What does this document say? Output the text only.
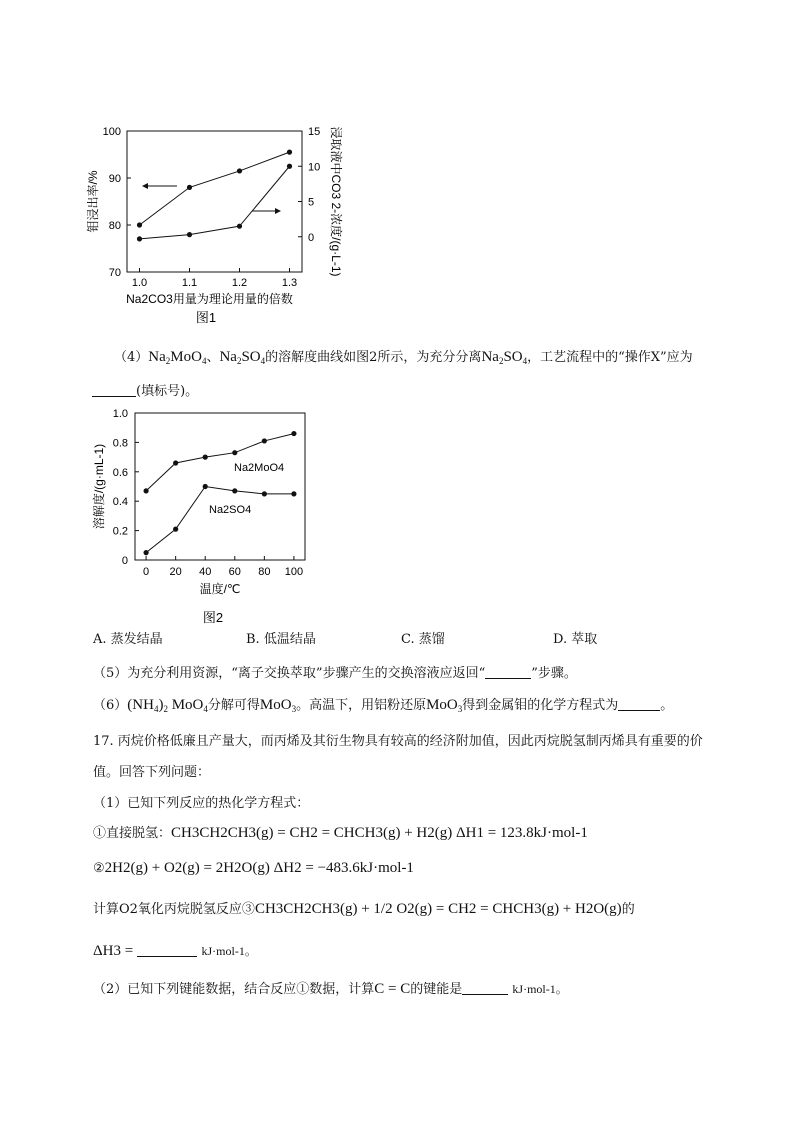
1.0	1.1	1.2	1.3
70
80
90
100
0
5
10
15
Na2CO3用量为理论用量的倍数
钼浸出率/%	浸取液中CO3 2-浓度/(g·L-1)
图1
$(4)Na_2MoO_4$、$Na_2SO_4$的溶解度曲线如图2所示，为充分分离$Na_2SO_4$，工艺流程中的“操作X”应为
(填标号)。
0 20 40 60 80 100
0
0.2
0.4
0.6
0.8
1.0
Na2MoO4
Na2SO4
温度/℃
溶解度/(g·mL-1)
图2
A. 蒸发结晶	B. 低温结晶	C. 蒸馏	D. 萃取
（5）为充分利用资源，“离子交换萃取”步骤产生的交换溶液应返回“	”步骤。
$(6)(NH_4)_2$ MoO$_4$分解可得MoO$_3$。高温下，用铝粉还原MoO$_3$得到金属钼的化学方程式为	。
17. 丙烷价格低廉且产量大，而丙烯及其衍生物具有较高的经济附加值，因此丙烷脱氢制丙烯具有重要的价
值。回答下列问题：
（1）已知下列反应的热化学方程式：
①直接脱氢：CH3CH2CH3(g) = CH2 = CHCH3(g) + H2(g) ΔH1 = 123.8kJ·mol-1
②2H2(g) + O2(g) = 2H2O(g) ΔH2 = −483.6kJ·mol-1
计算O2氧化丙烷脱氢反应③CH3CH2CH3(g) + 1/2 O2(g) = CH2 = CHCH3(g) + H2O(g)的
ΔH3 =	kJ·mol-1。
（2）已知下列键能数据，结合反应①数据，计算C = C的键能是	kJ·mol-1。
